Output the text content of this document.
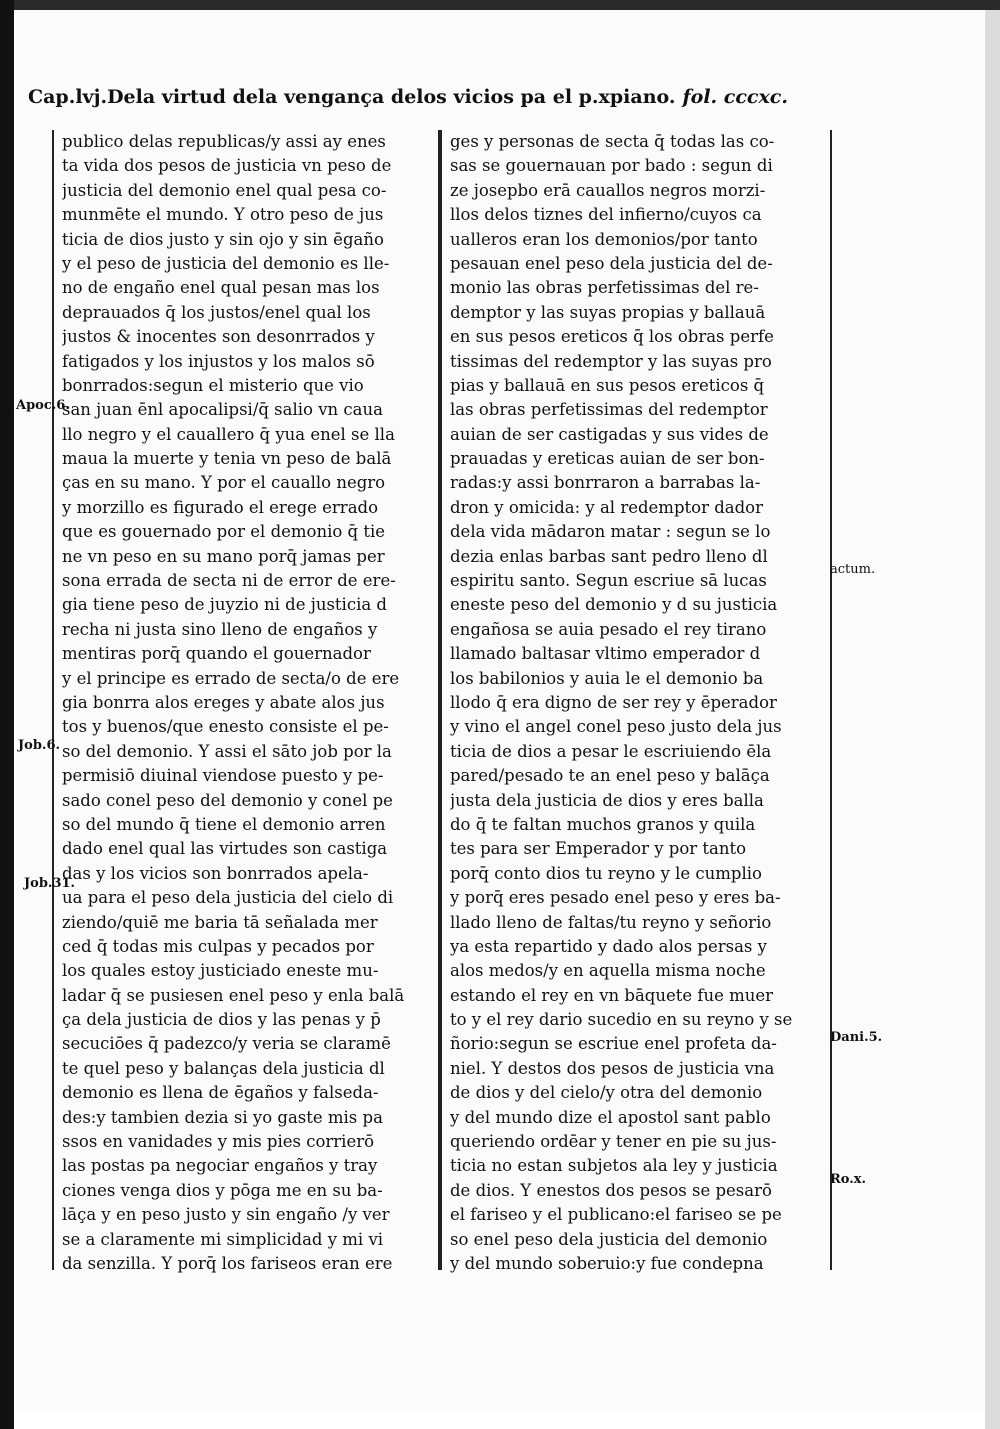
Cap.lvj.Dela virtud dela vengança delos vicios pa el p.xpiano. fol. cccxc.
publico delas republicas/y assi ay enes
ta vida dos pesos de justicia vn peso de
justicia del demonio enel qual pesa co-
munmēte el mundo. Y otro peso de jus
ticia de dios justo y sin ojo y sin ēgaño
y el peso de justicia del demonio es lle-
no de engaño enel qual pesan mas los
deprauados q̄ los justos/enel qual los
justos & inocentes son desonrrados y
fatigados y los injustos y los malos sō
bonrrados:segun el misterio que vio
san juan ēnl apocalipsi/q̄ salio vn caua
llo negro y el cauallero q̄ yua enel se lla
maua la muerte y tenia vn peso de balā
ças en su mano. Y por el cauallo negro
y morzillo es figurado el erege errado
que es gouernado por el demonio q̄ tie
ne vn peso en su mano porq̄ jamas per
sona errada de secta ni de error de ere-
gia tiene peso de juyzio ni de justicia d
recha ni justa sino lleno de engaños y
mentiras porq̄ quando el gouernador
y el principe es errado de secta/o de ere
gia bonrra alos ereges y abate alos jus
tos y buenos/que enesto consiste el pe-
so del demonio. Y assi el sāto job por la
permisiō diuinal viendose puesto y pe-
sado conel peso del demonio y conel pe
so del mundo q̄ tiene el demonio arren
dado enel qual las virtudes son castiga
das y los vicios son bonrrados apela-
ua para el peso dela justicia del cielo di
ziendo/quiē me baria tā señalada mer
ced q̄ todas mis culpas y pecados por
los quales estoy justiciado eneste mu-
ladar q̄ se pusiesen enel peso y enla balā
ça dela justicia de dios y las penas y p̄
secuciōes q̄ padezco/y veria se claramē
te quel peso y balanças dela justicia dl
demonio es llena de ēgaños y falseda-
des:y tambien dezia si yo gaste mis pa
ssos en vanidades y mis pies corrierō
las postas pa negociar engaños y tray
ciones venga dios y pōga me en su ba-
lāça y en peso justo y sin engaño /y ver
se a claramente mi simplicidad y mi vi
da senzilla. Y porq̄ los fariseos eran ere
ges y personas de secta q̄ todas las co-
sas se gouernauan por bado : segun di
ze josepbo erā cauallos negros morzi-
llos delos tiznes del infierno/cuyos ca
ualleros eran los demonios/por tanto
pesauan enel peso dela justicia del de-
monio las obras perfetissimas del re-
demptor y las suyas propias y ballauā
en sus pesos ereticos q̄ los obras perfe
tissimas del redemptor y las suyas pro
pias y ballauā en sus pesos ereticos q̄
las obras perfetissimas del redemptor
auian de ser castigadas y sus vides de
prauadas y ereticas auian de ser bon-
radas:y assi bonrraron a barrabas la-
dron y omicida: y al redemptor dador
dela vida mādaron matar : segun se lo
dezia enlas barbas sant pedro lleno dl
espiritu santo. Segun escriue sā lucas
eneste peso del demonio y d su justicia
engañosa se auia pesado el rey tirano
llamado baltasar vltimo emperador d
los babilonios y auia le el demonio ba
llodo q̄ era digno de ser rey y ēperador
y vino el angel conel peso justo dela jus
ticia de dios a pesar le escriuiendo ēla
pared/pesado te an enel peso y balāça
justa dela justicia de dios y eres balla
do q̄ te faltan muchos granos y quila
tes para ser Emperador y por tanto
porq̄ conto dios tu reyno y le cumplio
y porq̄ eres pesado enel peso y eres ba-
llado lleno de faltas/tu reyno y señorio
ya esta repartido y dado alos persas y
alos medos/y en aquella misma noche
estando el rey en vn bāquete fue muer
to y el rey dario sucedio en su reyno y se
ñorio:segun se escriue enel profeta da-
niel. Y destos dos pesos de justicia vna
de dios y del cielo/y otra del demonio
y del mundo dize el apostol sant pablo
queriendo ordēar y tener en pie su jus-
ticia no estan subjetos ala ley y justicia
de dios. Y enestos dos pesos se pesarō
el fariseo y el publicano:el fariseo se pe
so enel peso dela justicia del demonio
y del mundo soberuio:y fue condepna
Apoc.6.
Job.6.
Job.31.
actum.
Dani.5.
Ro.x.
